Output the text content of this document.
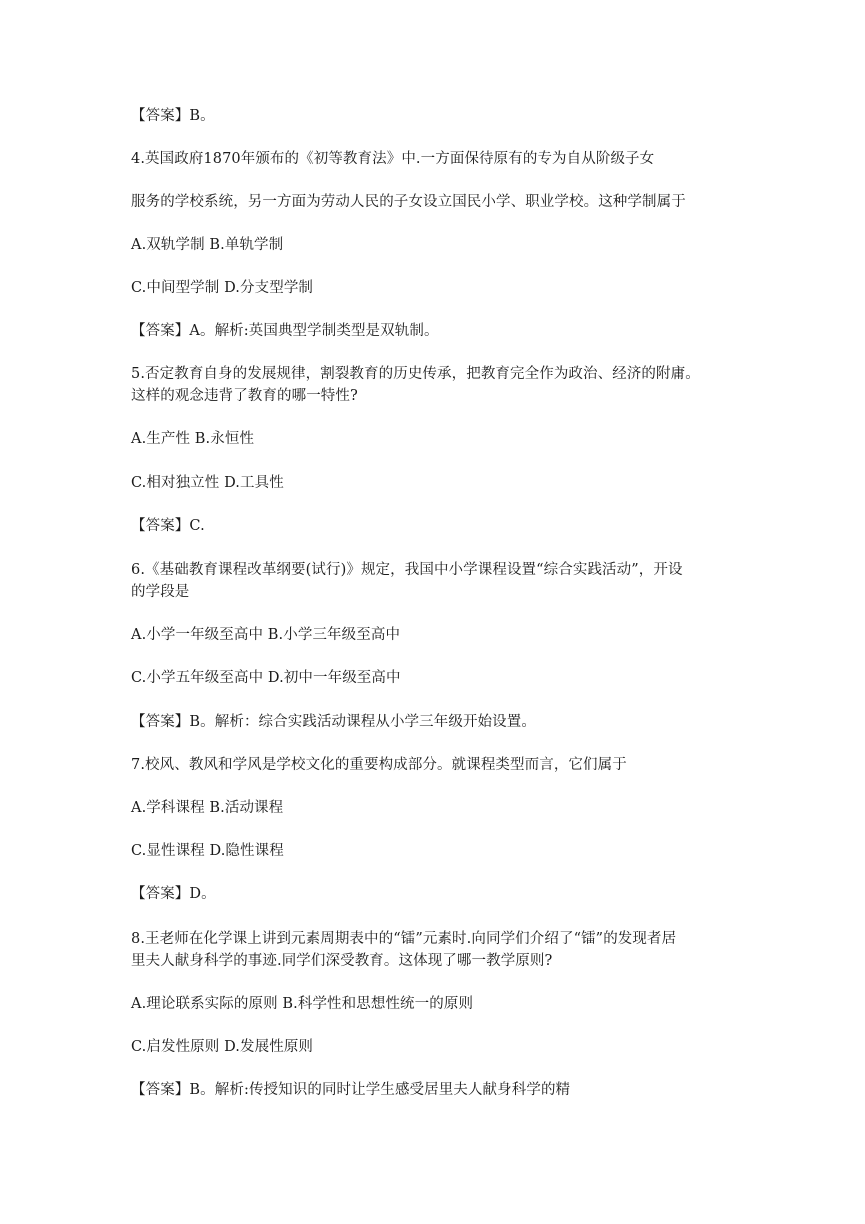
【答案】B。
4.英国政府1870年颁布的《初等教育法》中.一方面保待原有的专为自从阶级子女
服务的学校系统，另一方面为劳动人民的子女设立国民小学、职业学校。这种学制属于
A.双轨学制 B.单轨学制
C.中间型学制 D.分支型学制
【答案】A。解析:英国典型学制类型是双轨制。
5.否定教育自身的发展规律，割裂教育的历史传承，把教育完全作为政治、经济的附庸。
这样的观念违背了教育的哪一特性?
A.生产性 B.永恒性
C.相对独立性 D.工具性
【答案】C.
6.《基础教育课程改革纲要(试行)》规定，我国中小学课程设置“综合实践活动”，开设
的学段是
A.小学一年级至高中 B.小学三年级至高中
C.小学五年级至高中 D.初中一年级至高中
【答案】B。解析：综合实践活动课程从小学三年级开始设置。
7.校风、教风和学风是学校文化的重要构成部分。就课程类型而言，它们属于
A.学科课程 B.活动课程
C.显性课程 D.隐性课程
【答案】D。
8.王老师在化学课上讲到元素周期表中的“镭”元素时.向同学们介绍了“镭”的发现者居
里夫人献身科学的事迹.同学们深受教育。这体现了哪一教学原则?
A.理论联系实际的原则 B.科学性和思想性统一的原则
C.启发性原则 D.发展性原则
【答案】B。解析:传授知识的同时让学生感受居里夫人献身科学的精
